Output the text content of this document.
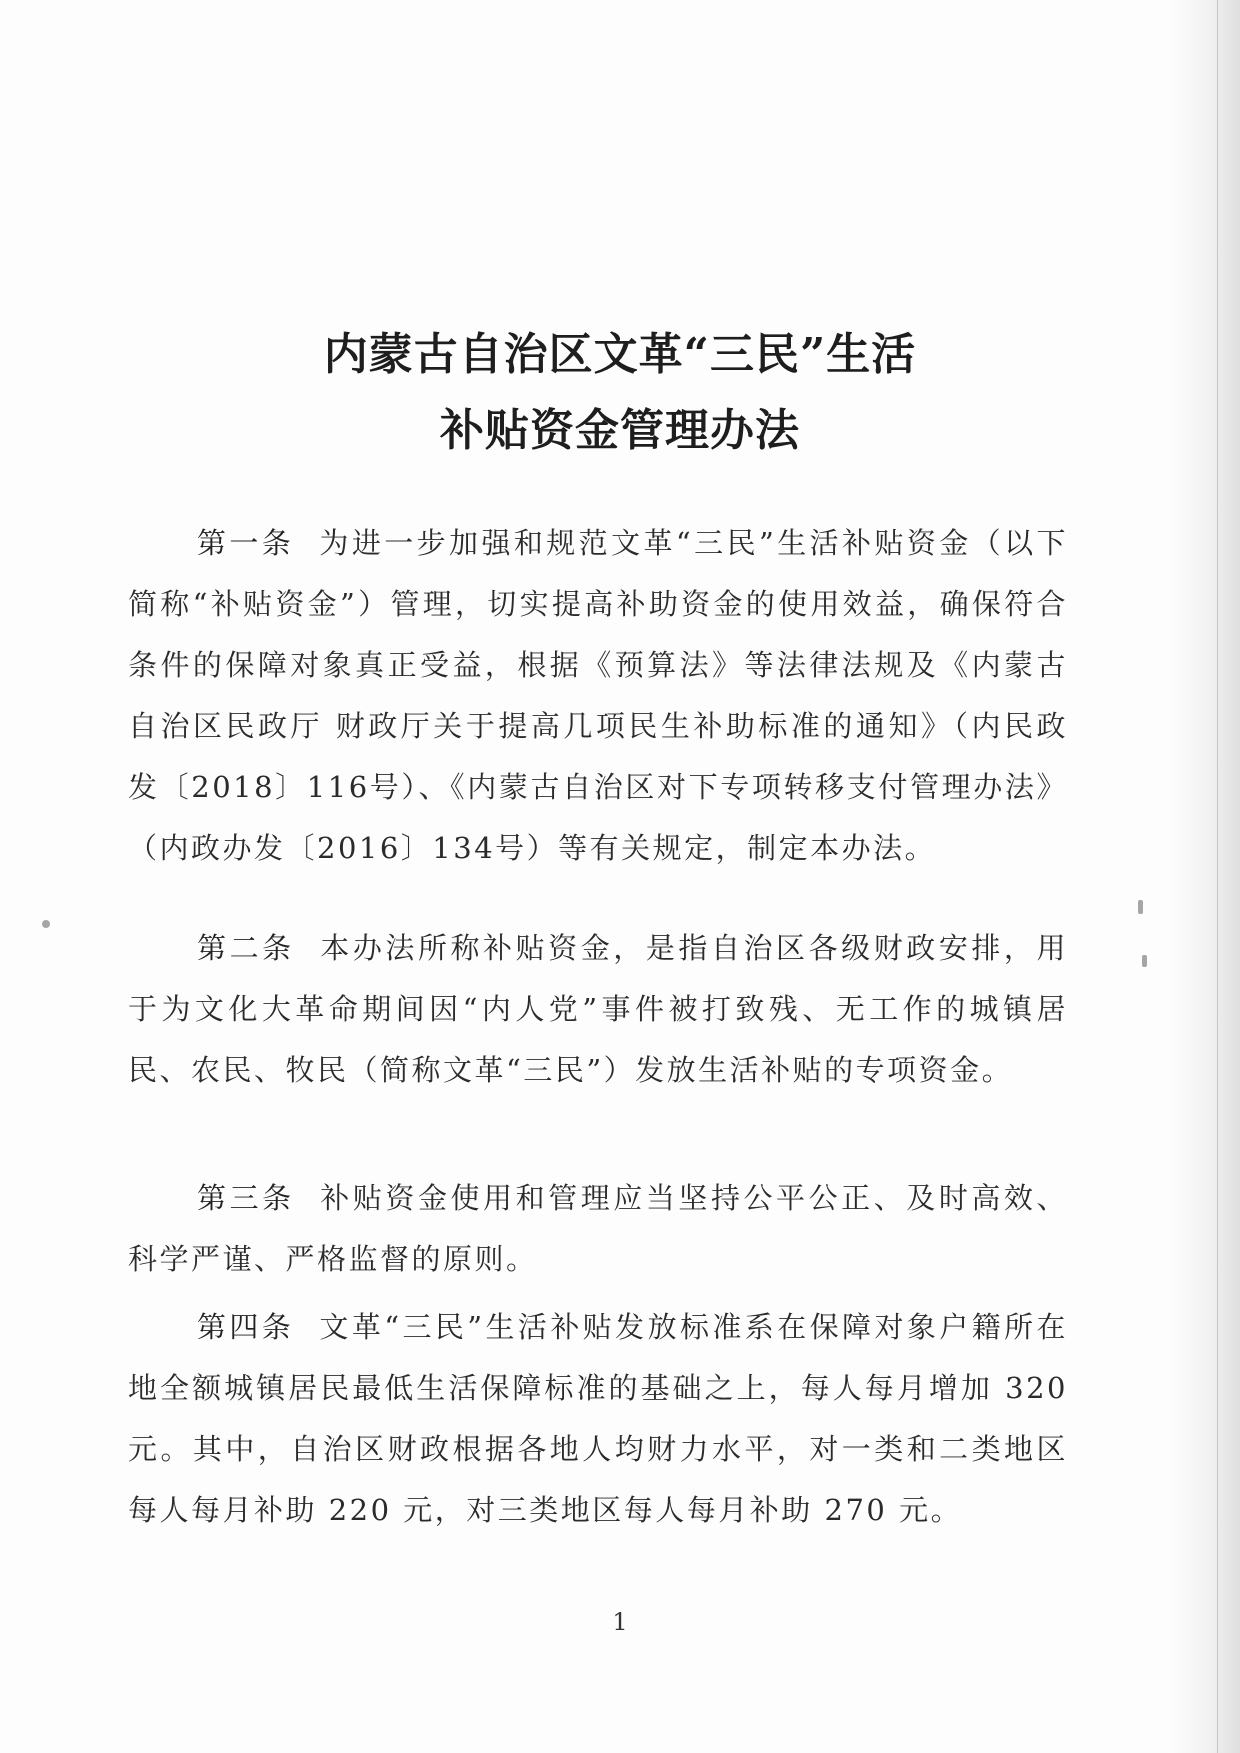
内蒙古自治区文革“三民”生活
补贴资金管理办法

第一条 为进一步加强和规范文革“三民”生活补贴资金（以下简称“补贴资金”）管理，切实提高补助资金的使用效益，确保符合条件的保障对象真正受益，根据《预算法》等法律法规及《内蒙古自治区民政厅 财政厅关于提高几项民生补助标准的通知》（内民政发〔2018〕116号）、《内蒙古自治区对下专项转移支付管理办法》（内政办发〔2016〕134号）等有关规定，制定本办法。

第二条 本办法所称补贴资金，是指自治区各级财政安排，用于为文化大革命期间因“内人党”事件被打致残、无工作的城镇居民、农民、牧民（简称文革“三民”）发放生活补贴的专项资金。

第三条 补贴资金使用和管理应当坚持公平公正、及时高效、科学严谨、严格监督的原则。

第四条 文革“三民”生活补贴发放标准系在保障对象户籍所在地全额城镇居民最低生活保障标准的基础之上，每人每月增加 320 元。其中，自治区财政根据各地人均财力水平，对一类和二类地区每人每月补助 220 元，对三类地区每人每月补助 270 元。

1
